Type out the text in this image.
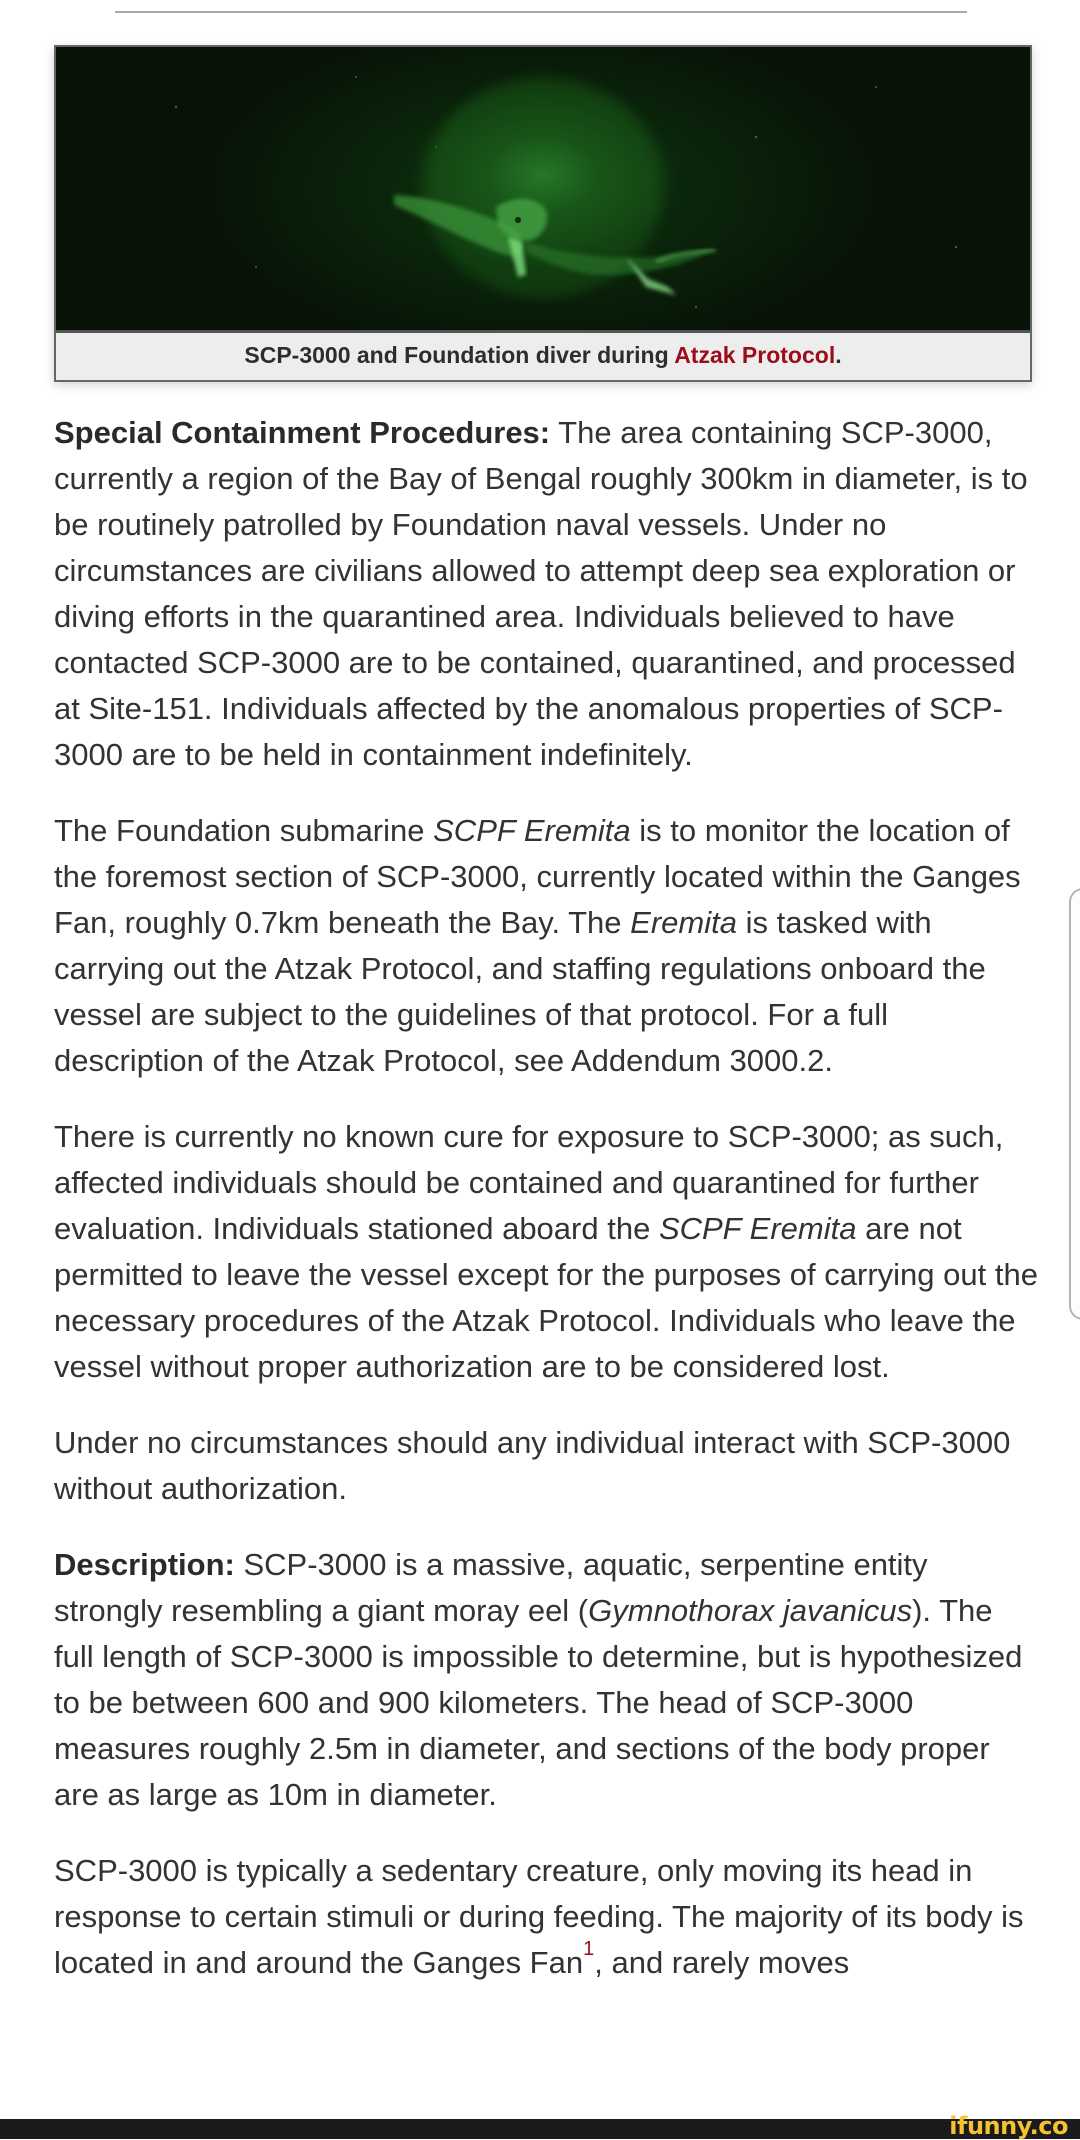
SCP-3000 and Foundation diver during Atzak Protocol.

Special Containment Procedures: The area containing SCP-3000, currently a region of the Bay of Bengal roughly 300km in diameter, is to be routinely patrolled by Foundation naval vessels. Under no circumstances are civilians allowed to attempt deep sea exploration or diving efforts in the quarantined area. Individuals believed to have contacted SCP-3000 are to be contained, quarantined, and processed at Site-151. Individuals affected by the anomalous properties of SCP-3000 are to be held in containment indefinitely.

The Foundation submarine SCPF Eremita is to monitor the location of the foremost section of SCP-3000, currently located within the Ganges Fan, roughly 0.7km beneath the Bay. The Eremita is tasked with carrying out the Atzak Protocol, and staffing regulations onboard the vessel are subject to the guidelines of that protocol. For a full description of the Atzak Protocol, see Addendum 3000.2.

There is currently no known cure for exposure to SCP-3000; as such, affected individuals should be contained and quarantined for further evaluation. Individuals stationed aboard the SCPF Eremita are not permitted to leave the vessel except for the purposes of carrying out the necessary procedures of the Atzak Protocol. Individuals who leave the vessel without proper authorization are to be considered lost.

Under no circumstances should any individual interact with SCP-3000 without authorization.

Description: SCP-3000 is a massive, aquatic, serpentine entity strongly resembling a giant moray eel (Gymnothorax javanicus). The full length of SCP-3000 is impossible to determine, but is hypothesized to be between 600 and 900 kilometers. The head of SCP-3000 measures roughly 2.5m in diameter, and sections of the body proper are as large as 10m in diameter.

SCP-3000 is typically a sedentary creature, only moving its head in response to certain stimuli or during feeding. The majority of its body is located in and around the Ganges Fan$^1$, and rarely moves

ifunny.co
